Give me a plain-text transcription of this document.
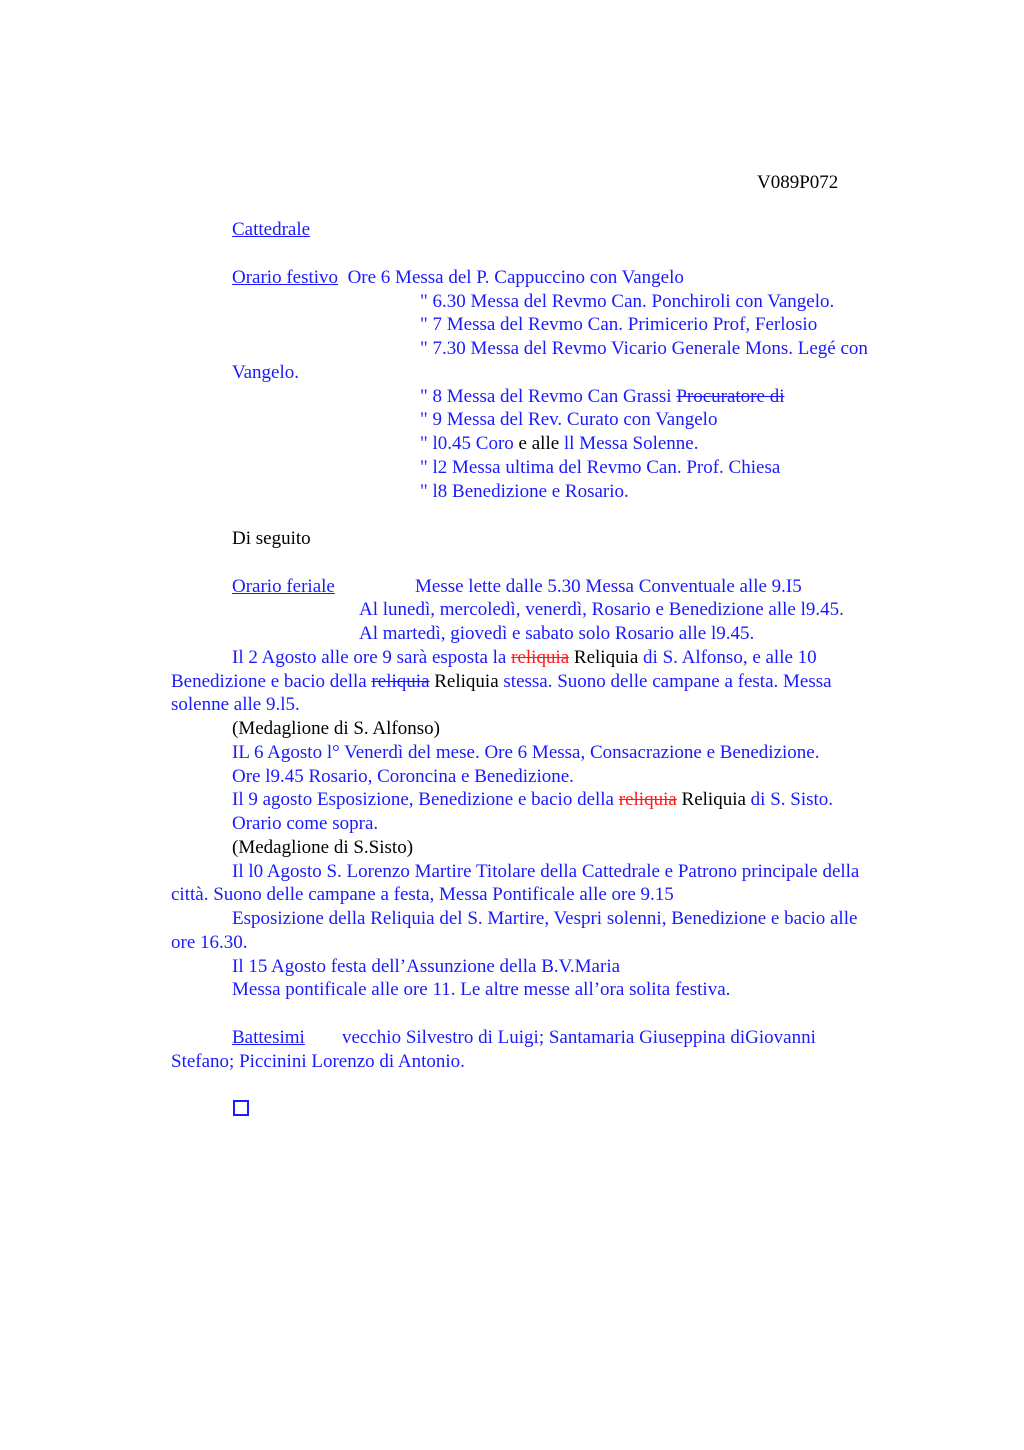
V089P072
Cattedrale
Orario festivo Ore 6 Messa del P. Cappuccino con Vangelo
" 6.30 Messa del Revmo Can. Ponchiroli con Vangelo.
" 7 Messa del Revmo Can. Primicerio Prof, Ferlosio
" 7.30 Messa del Revmo Vicario Generale Mons. Legé con
Vangelo.
" 8 Messa del Revmo Can Grassi Procuratore di
" 9 Messa del Rev. Curato con Vangelo
" l0.45 Coro e alle ll Messa Solenne.
" l2 Messa ultima del Revmo Can. Prof. Chiesa
" l8 Benedizione e Rosario.
Di seguito
Orario feriale	Messe lette dalle 5.30 Messa Conventuale alle 9.I5
Al lunedì, mercoledì, venerdì, Rosario e Benedizione alle l9.45.
Al martedì, giovedì e sabato solo Rosario alle l9.45.
Il 2 Agosto alle ore 9 sarà esposta la reliquia Reliquia di S. Alfonso, e alle 10
Benedizione e bacio della reliquia Reliquia stessa. Suono delle campane a festa. Messa
solenne alle 9.l5.
(Medaglione di S. Alfonso)
IL 6 Agosto l° Venerdì del mese. Ore 6 Messa, Consacrazione e Benedizione.
Ore l9.45 Rosario, Coroncina e Benedizione.
Il 9 agosto Esposizione, Benedizione e bacio della reliquia Reliquia di S. Sisto.
Orario come sopra.
(Medaglione di S.Sisto)
Il l0 Agosto S. Lorenzo Martire Titolare della Cattedrale e Patrono principale della
città. Suono delle campane a festa, Messa Pontificale alle ore 9.15
Esposizione della Reliquia del S. Martire, Vespri solenni, Benedizione e bacio alle
ore 16.30.
Il 15 Agosto festa dell’Assunzione della B.V.Maria
Messa pontificale alle ore 11. Le altre messe all’ora solita festiva.
Battesimi vecchio Silvestro di Luigi; Santamaria Giuseppina diGiovanni
Stefano; Piccinini Lorenzo di Antonio.
